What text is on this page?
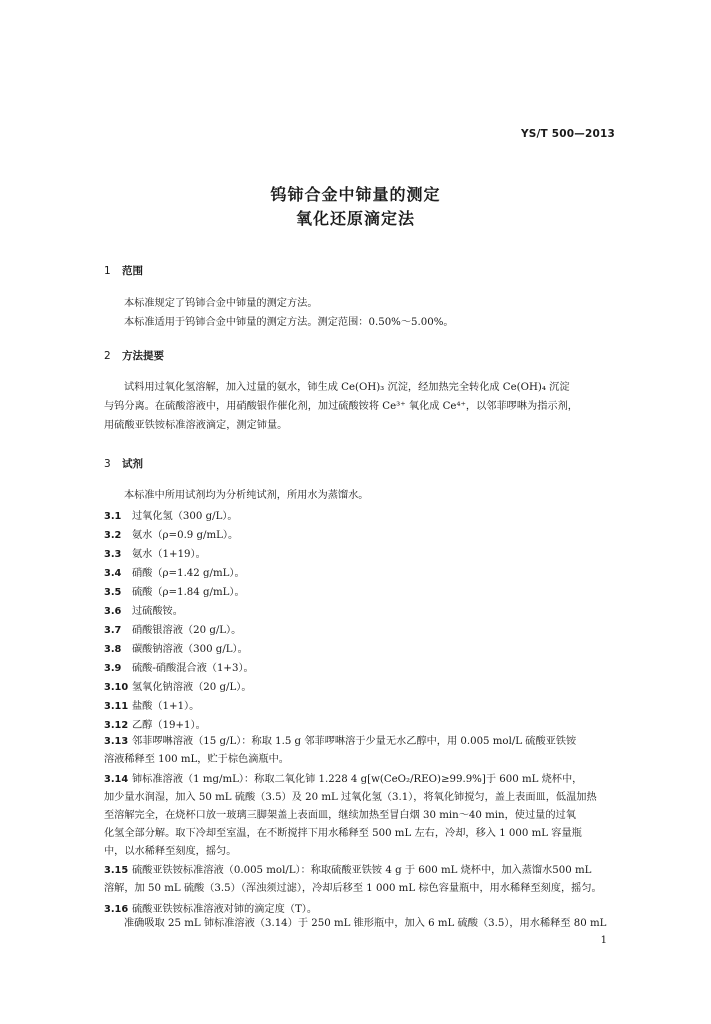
YS/T 500—2013
钨铈合金中铈量的测定
氧化还原滴定法
1 范围
本标准规定了钨铈合金中铈量的测定方法。
本标准适用于钨铈合金中铈量的测定方法。测定范围：0.50%～5.00%。
2 方法提要
试料用过氧化氢溶解，加入过量的氨水，铈生成 Ce(OH)₃ 沉淀，经加热完全转化成 Ce(OH)₄ 沉淀
与钨分离。在硫酸溶液中，用硝酸银作催化剂，加过硫酸铵将 Ce³⁺ 氧化成 Ce⁴⁺，以邻菲啰啉为指示剂，
用硫酸亚铁铵标准溶液滴定，测定铈量。
3 试剂
本标准中所用试剂均为分析纯试剂，所用水为蒸馏水。
3.1 过氧化氢（300 g/L）。
3.2 氨水（ρ=0.9 g/mL）。
3.3 氨水（1+19）。
3.4 硝酸（ρ=1.42 g/mL）。
3.5 硫酸（ρ=1.84 g/mL）。
3.6 过硫酸铵。
3.7 硝酸银溶液（20 g/L）。
3.8 碳酸钠溶液（300 g/L）。
3.9 硫酸-硝酸混合液（1+3）。
3.10 氢氧化钠溶液（20 g/L）。
3.11 盐酸（1+1）。
3.12 乙醇（19+1）。
3.13 邻菲啰啉溶液（15 g/L）：称取 1.5 g 邻菲啰啉溶于少量无水乙醇中，用 0.005 mol/L 硫酸亚铁铵
溶液稀释至 100 mL，贮于棕色滴瓶中。
3.14 铈标准溶液（1 mg/mL）：称取二氧化铈 1.228 4 g[w(CeO₂/REO)≥99.9%]于 600 mL 烧杯中，
加少量水润湿，加入 50 mL 硫酸（3.5）及 20 mL 过氧化氢（3.1），将氧化铈搅匀，盖上表面皿，低温加热
至溶解完全，在烧杯口放一玻璃三脚架盖上表面皿，继续加热至冒白烟 30 min～40 min，使过量的过氧
化氢全部分解。取下冷却至室温，在不断搅拌下用水稀释至 500 mL 左右，冷却，移入 1 000 mL 容量瓶
中，以水稀释至刻度，摇匀。
3.15 硫酸亚铁铵标准溶液（0.005 mol/L）：称取硫酸亚铁铵 4 g 于 600 mL 烧杯中，加入蒸馏水500 mL
溶解，加 50 mL 硫酸（3.5）（浑浊须过滤），冷却后移至 1 000 mL 棕色容量瓶中，用水稀释至刻度，摇匀。
3.16 硫酸亚铁铵标准溶液对铈的滴定度（T）。
准确吸取 25 mL 铈标准溶液（3.14）于 250 mL 锥形瓶中，加入 6 mL 硫酸（3.5），用水稀释至 80 mL
1
